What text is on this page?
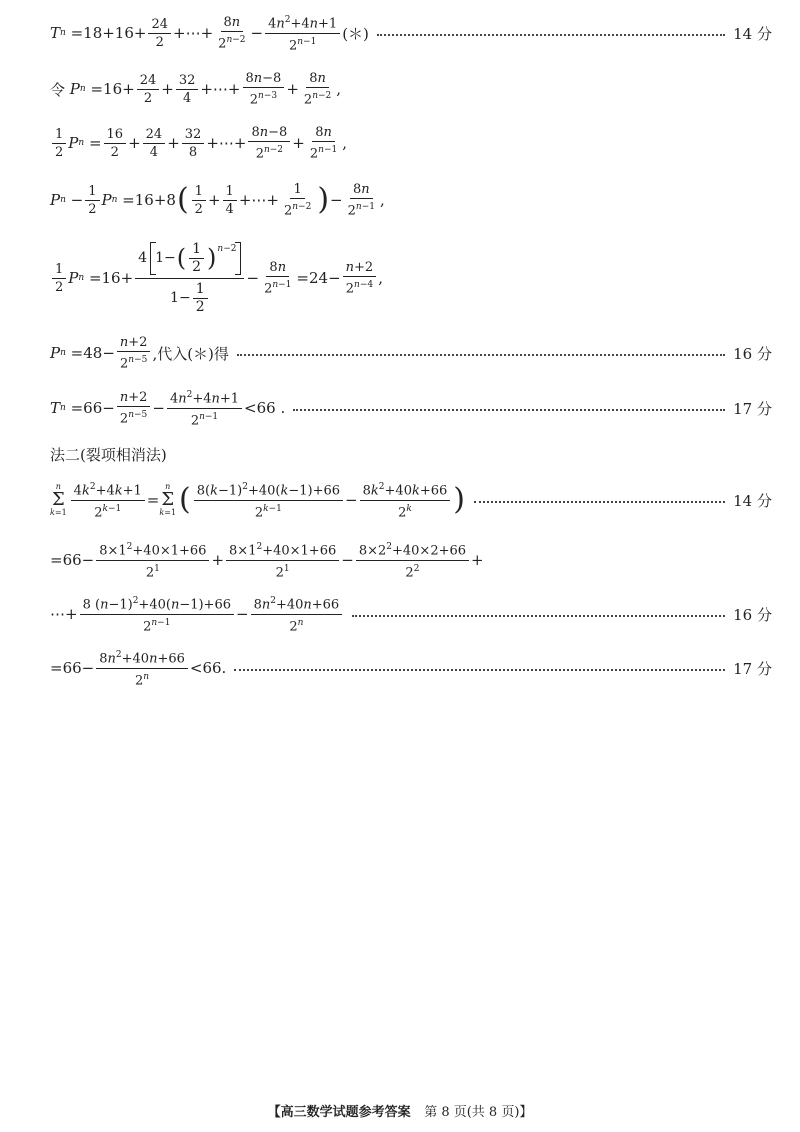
T $n =18+16+ \frac{24}{2}$ +⋯+ $\frac{8n}{2^{n-2}} - \frac{4n^2+4n+1}{2^{n-1}}$ (＊)	14 分
令
P $n =16+ \frac{24}{2} + \frac{32}{4}$ +⋯+ $\frac{8n-8}{2^{n-3}} + \frac{8n}{2^{n-2}}$ ,
$\frac{1}{2}$ P $n = \frac{16}{2} + \frac{24}{4} + \frac{32}{8}$ +⋯+ $\frac{8n-8}{2^{n-2}} + \frac{8n}{2^{n-1}}$ ,
P $n - \frac{1}{2}$ P n =16+8 ( $\frac{1}{2} + \frac{1}{4}$ +⋯+ $\frac{1}{2^{n-2}}$ ) − $\frac{8n}{2^{n-1}}$ ,
$\frac{1}{2}$ P $n =16+ \frac{4 1- ( \frac{1}{2} ) ^{n-2}}{1- \frac{1}{2}} - \frac{8n}{2^{n-1}} =24- \frac{n+2}{2^{n-4}}$ ,
P $n =48- \frac{n+2}{2^{n-5}}$ ,代入(＊)得	16 分
T $n =66- \frac{n+2}{2^{n-5}} - \frac{4n^2+4n+1}{2^{n-1}} <66$ .	17 分
法二(裂项相消法)
n
Σ
$k=1 \frac{4k^2+4k+1}{2^{k-1}}$ =
n
Σ
k=1 ( $\frac{8(k-1)^2+40(k-1)+66}{2^{k-1}} - \frac{8k^2+40k+66}{2^k}$ )	14 分
$=66- \frac{8\times 1^2+40\times 1+66}{2^1} + \frac{8\times 1^2+40\times 1+66}{2^1} - \frac{8\times 2^2+40\times 2+66}{2^2}$ +
⋯+ $\frac{8 (n-1)^2+40(n-1)+66}{2^{n-1}} - \frac{8n^2+40n+66}{2^n}$	16 分
$=66- \frac{8n^2+40n+66}{2^n} <66$.	17 分
【高三数学试题参考答案 第 8 页(共 8 页)】
